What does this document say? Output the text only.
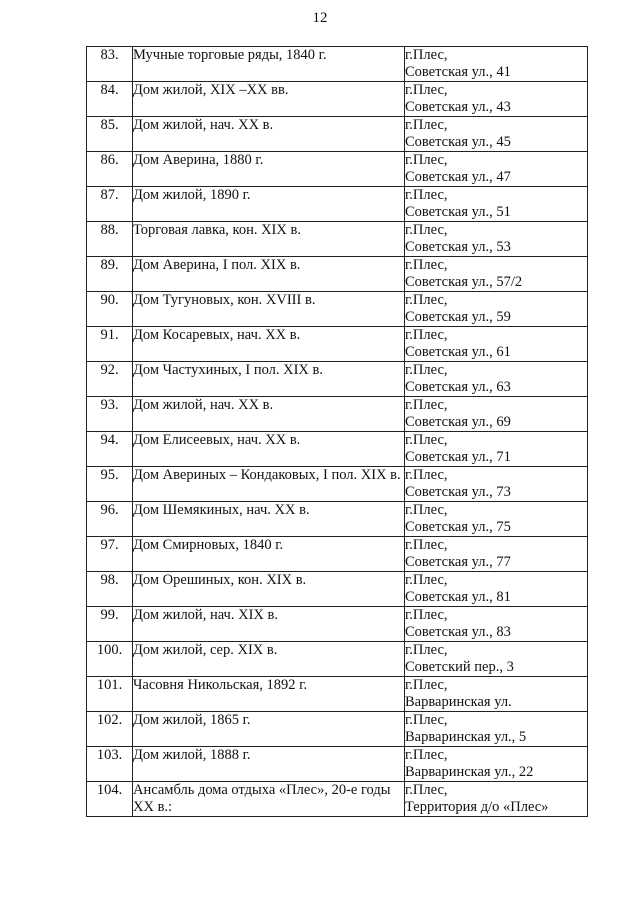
12
83.	Мучные торговые ряды, 1840 г.	г.Плес,
Советская ул., 41

84.	Дом жилой, XIX –XX вв.	г.Плес,
Советская ул., 43

85.	Дом жилой, нач. XX в.	г.Плес,
Советская ул., 45

86.	Дом Аверина, 1880 г.	г.Плес,
Советская ул., 47

87.	Дом жилой, 1890 г.	г.Плес,
Советская ул., 51

88.	Торговая лавка, кон. XIX в.	г.Плес,
Советская ул., 53

89.	Дом Аверина, I пол. XIX в.	г.Плес,
Советская ул., 57/2

90.	Дом Тугуновых, кон. XVIII в.	г.Плес,
Советская ул., 59

91.	Дом Косаревых, нач. XX в.	г.Плес,
Советская ул., 61

92.	Дом Частухиных, I пол. XIX в.	г.Плес,
Советская ул., 63

93.	Дом жилой, нач. XX в.	г.Плес,
Советская ул., 69

94.	Дом Елисеевых, нач. XX в.	г.Плес,
Советская ул., 71

95.	Дом Авериных – Кондаковых, I пол. XIX в.	г.Плес,
Советская ул., 73

96.	Дом Шемякиных, нач. XX в.	г.Плес,
Советская ул., 75

97.	Дом Смирновых, 1840 г.	г.Плес,
Советская ул., 77

98.	Дом Орешиных, кон. XIX в.	г.Плес,
Советская ул., 81

99.	Дом жилой, нач. XIX в.	г.Плес,
Советская ул., 83

100.	Дом жилой, сер. XIX в.	г.Плес,
Советский пер., 3

101.	Часовня Никольская, 1892 г.	г.Плес,
Варваринская ул.

102.	Дом жилой, 1865 г.	г.Плес,
Варваринская ул., 5

103.	Дом жилой, 1888 г.	г.Плес,
Варваринская ул., 22

104.	Ансамбль дома отдыха «Плес», 20-е годы XX в.:	г.Плес,
Территория д/о «Плес»
